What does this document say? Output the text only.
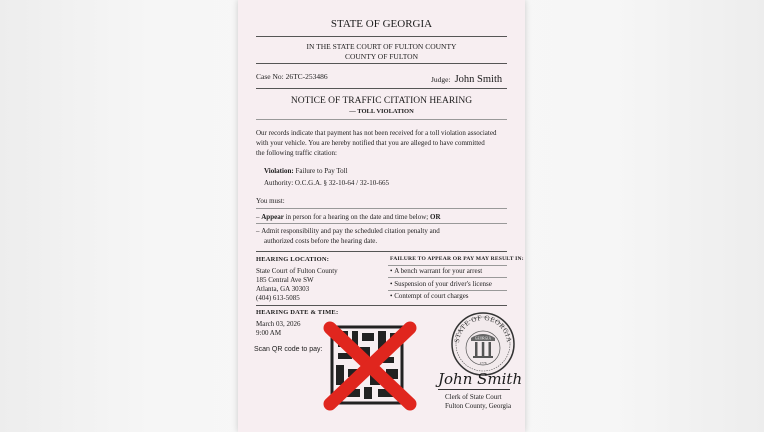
STATE OF GEORGIA
IN THE STATE COURT OF FULTON COUNTY
COUNTY OF FULTON
Case No: 26TC-253486	Judge: John Smith
NOTICE OF TRAFFIC CITATION HEARING
— TOLL VIOLATION
Our records indicate that payment has not been received for a toll violation associated
with your vehicle. You are hereby notified that you are alleged to have committed
the following traffic citation:
Violation: Failure to Pay Toll
Authority: O.C.G.A. § 32-10-64 / 32-10-665
You must:
– Appear in person for a hearing on the date and time below; OR
– Admit responsibility and pay the scheduled citation penalty and
authorized costs before the hearing date.
HEARING LOCATION:
State Court of Fulton County
185 Central Ave SW
Atlanta, GA 30303
(404) 613-5085
FAILURE TO APPEAR OR PAY MAY RESULT IN:
• A bench warrant for your arrest
• Suspension of your driver's license
• Contempt of court charges
HEARING DATE & TIME:
March 03, 2026
9:00 AM
Scan QR code to pay:
STATE OF GEORGIA
GEORGIA
1776
John Smith
Clerk of State Court
Fulton County, Georgia
